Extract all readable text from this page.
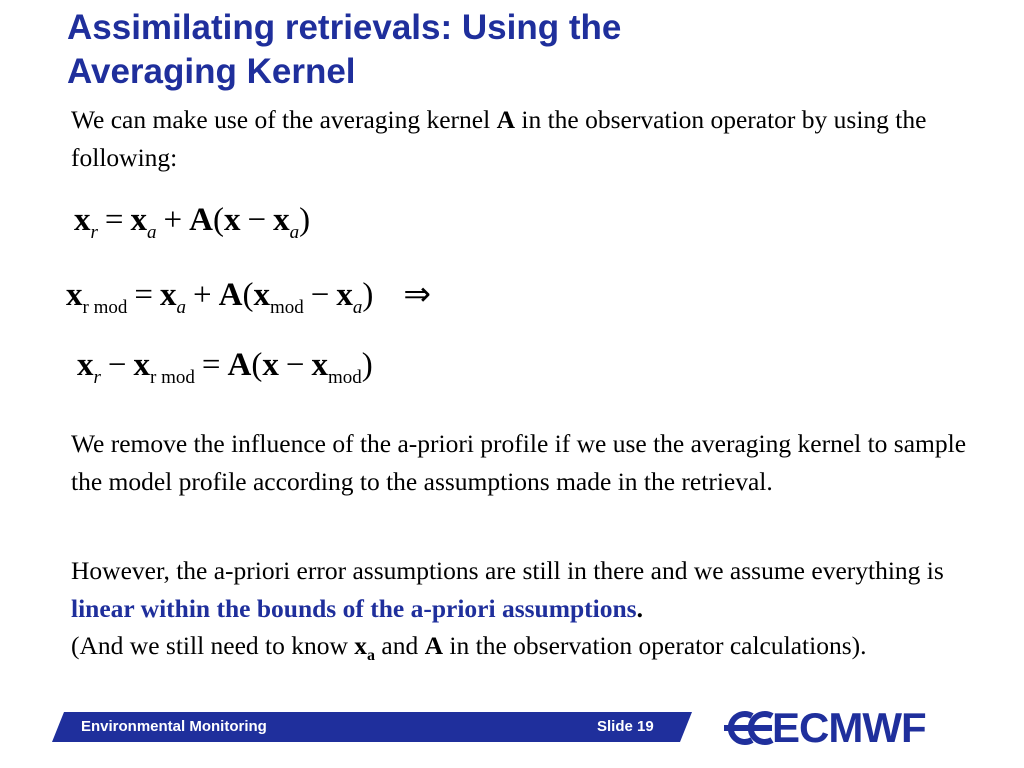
Assimilating retrievals: Using the
Averaging Kernel

We can make use of the averaging kernel A in the observation operator by using the following:

$x_r = x_a + A(x - x_a)$
$x_{r mod} = x_a + A(x_{mod} - x_a)$ ⇒
$x_r - x_{r mod} = A(x - x_{mod})$

We remove the influence of the a-priori profile if we use the averaging kernel to sample the model profile according to the assumptions made in the retrieval.

However, the a-priori error assumptions are still in there and we assume everything is linear within the bounds of the a-priori assumptions.
(And we still need to know $x_a$ and A in the observation operator calculations).

Environmental Monitoring	Slide 19	ECMWF
